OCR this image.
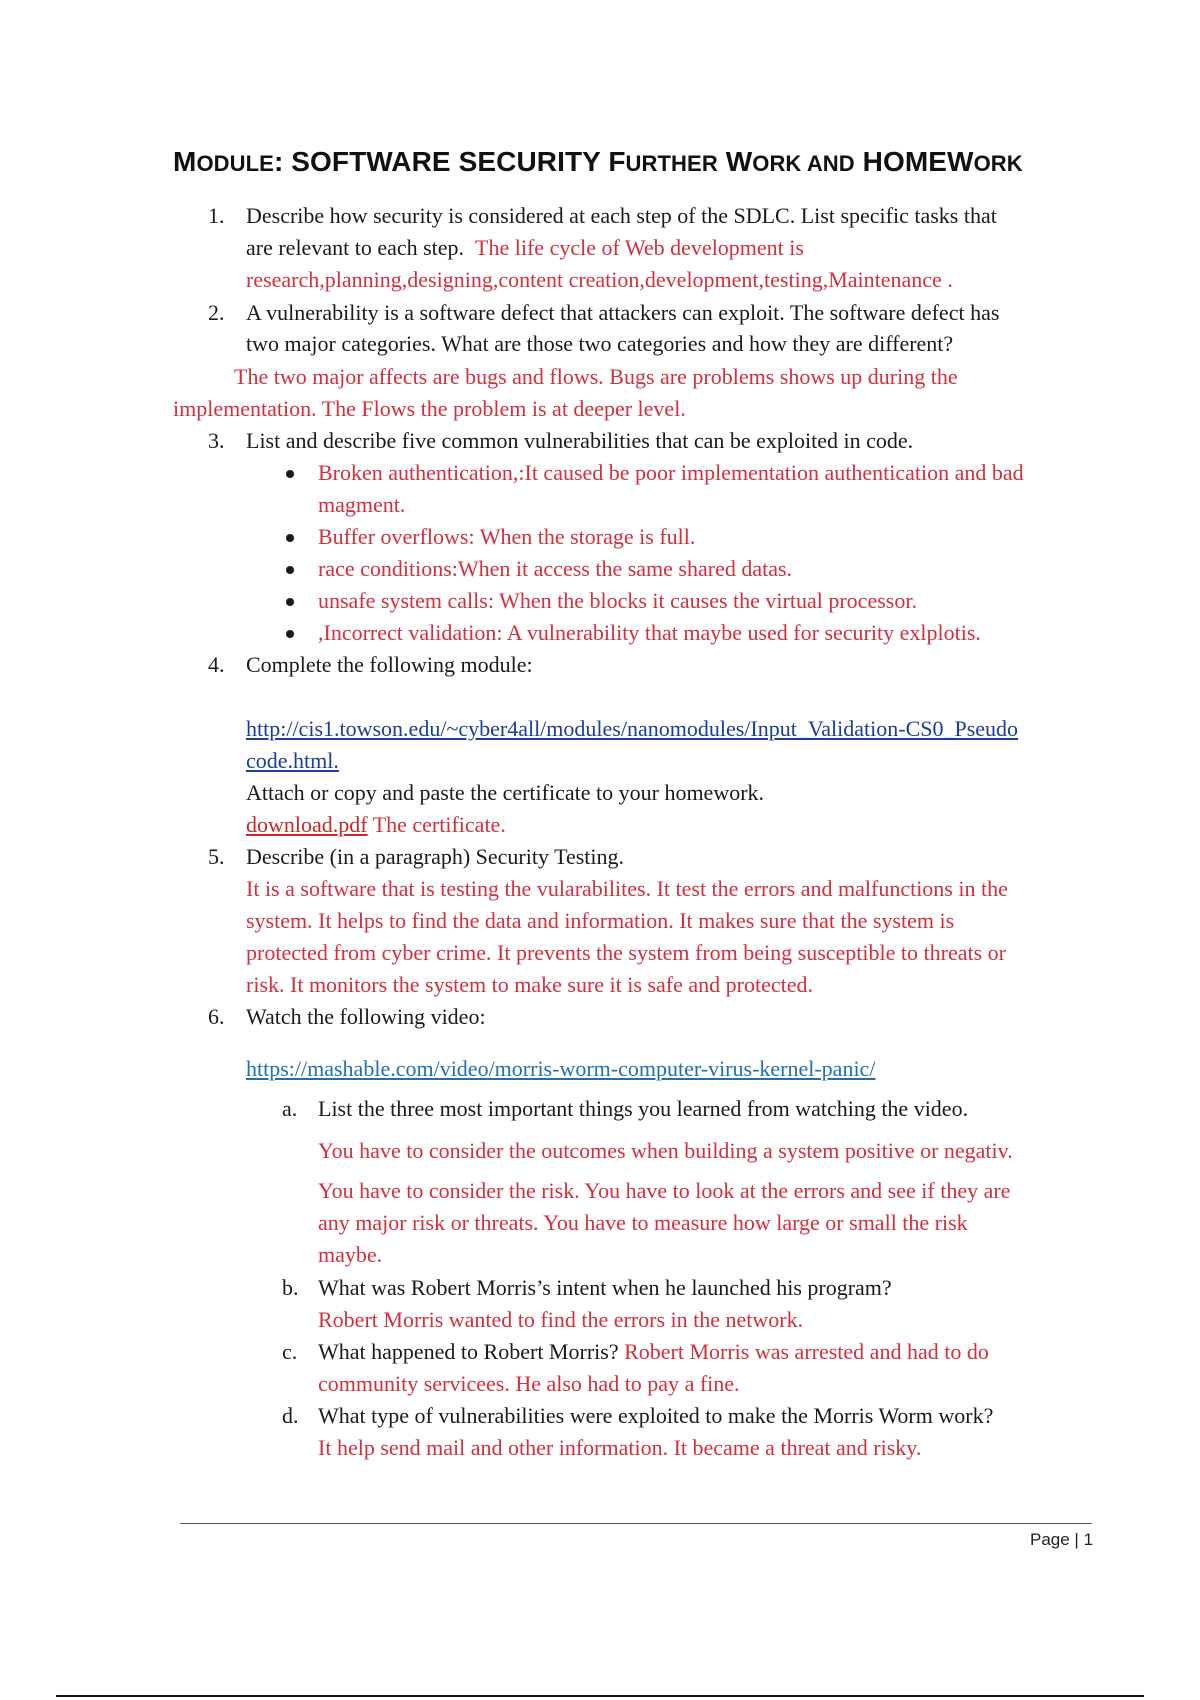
MODULE: SOFTWARE SECURITY FURTHER WORK AND HOMEWORK
1. Describe how security is considered at each step of the SDLC. List specific tasks that
are relevant to each step. The life cycle of Web development is
research,planning,designing,content creation,development,testing,Maintenance .
2. A vulnerability is a software defect that attackers can exploit. The software defect has
two major categories. What are those two categories and how they are different?
The two major affects are bugs and flows. Bugs are problems shows up during the
implementation. The Flows the problem is at deeper level.
3. List and describe five common vulnerabilities that can be exploited in code.
Broken authentication,:It caused be poor implementation authentication and bad
magment.
Buffer overflows: When the storage is full.
race conditions:When it access the same shared datas.
unsafe system calls: When the blocks it causes the virtual processor.
,Incorrect validation: A vulnerability that maybe used for security exlplotis.
4. Complete the following module:
http://cis1.towson.edu/~cyber4all/modules/nanomodules/Input_Validation-CS0_Pseudo
code.html.
Attach or copy and paste the certificate to your homework.
download.pdf The certificate.
5. Describe (in a paragraph) Security Testing.
It is a software that is testing the vularabilites. It test the errors and malfunctions in the
system. It helps to find the data and information. It makes sure that the system is
protected from cyber crime. It prevents the system from being susceptible to threats or
risk. It monitors the system to make sure it is safe and protected.
6. Watch the following video:
https://mashable.com/video/morris-worm-computer-virus-kernel-panic/
a. List the three most important things you learned from watching the video.
You have to consider the outcomes when building a system positive or negativ.
You have to consider the risk. You have to look at the errors and see if they are
any major risk or threats. You have to measure how large or small the risk
maybe.
b. What was Robert Morris’s intent when he launched his program?
Robert Morris wanted to find the errors in the network.
c. What happened to Robert Morris? Robert Morris was arrested and had to do
community servicees. He also had to pay a fine.
d. What type of vulnerabilities were exploited to make the Morris Worm work?
It help send mail and other information. It became a threat and risky.
Page | 1
